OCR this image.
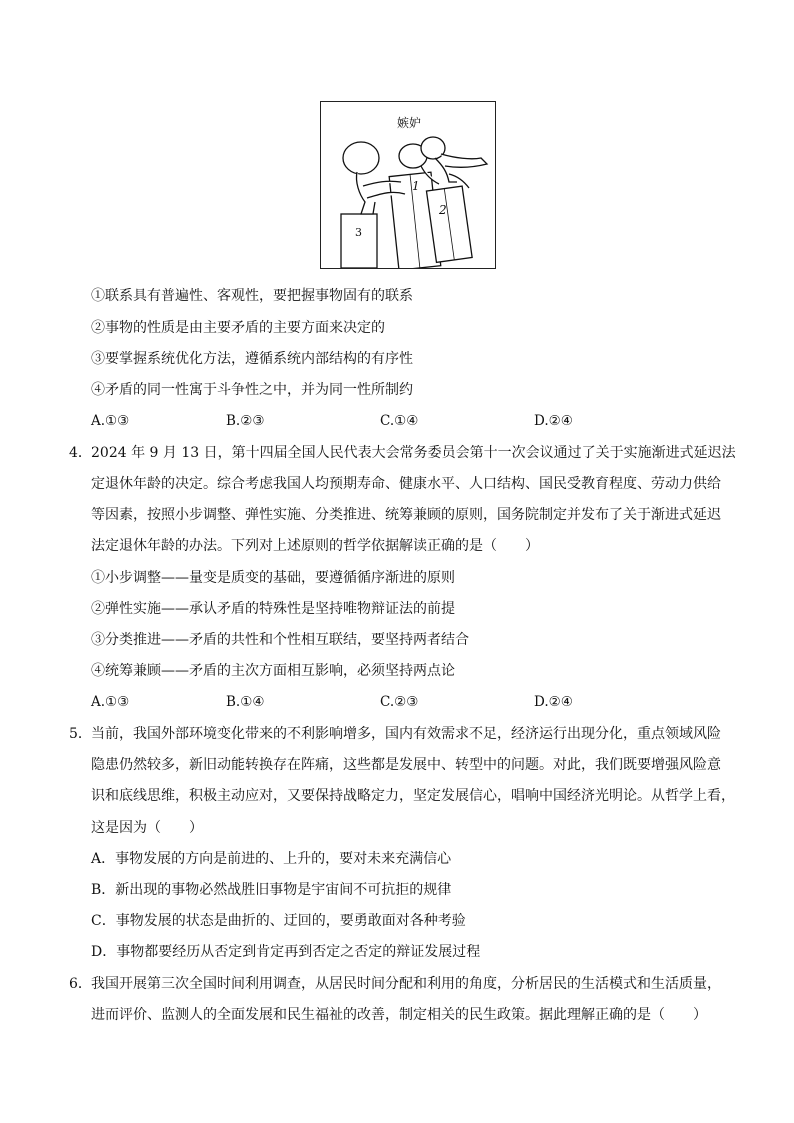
嫉妒
3
1
2
①联系具有普遍性、客观性，要把握事物固有的联系
②事物的性质是由主要矛盾的主要方面来决定的
③要掌握系统优化方法，遵循系统内部结构的有序性
④矛盾的同一性寓于斗争性之中，并为同一性所制约
A.①③	B.②③	C.①④	D.②④
4． 2024 年 9 月 13 日，第十四届全国人民代表大会常务委员会第十一次会议通过了关于实施渐进式延迟法
定退休年龄的决定。综合考虑我国人均预期寿命、健康水平、人口结构、国民受教育程度、劳动力供给
等因素，按照小步调整、弹性实施、分类推进、统筹兼顾的原则，国务院制定并发布了关于渐进式延迟
法定退休年龄的办法。下列对上述原则的哲学依据解读正确的是（　　）
①小步调整——量变是质变的基础，要遵循循序渐进的原则
②弹性实施——承认矛盾的特殊性是坚持唯物辩证法的前提
③分类推进——矛盾的共性和个性相互联结，要坚持两者结合
④统筹兼顾——矛盾的主次方面相互影响，必须坚持两点论
A.①③	B.①④	C.②③	D.②④
5． 当前，我国外部环境变化带来的不利影响增多，国内有效需求不足，经济运行出现分化，重点领域风险
隐患仍然较多，新旧动能转换存在阵痛，这些都是发展中、转型中的问题。对此，我们既要增强风险意
识和底线思维，积极主动应对，又要保持战略定力，坚定发展信心，唱响中国经济光明论。从哲学上看，
这是因为（　　）
A．事物发展的方向是前进的、上升的，要对未来充满信心
B．新出现的事物必然战胜旧事物是宇宙间不可抗拒的规律
C．事物发展的状态是曲折的、迂回的，要勇敢面对各种考验
D．事物都要经历从否定到肯定再到否定之否定的辩证发展过程
6． 我国开展第三次全国时间利用调查，从居民时间分配和利用的角度，分析居民的生活模式和生活质量，
进而评价、监测人的全面发展和民生福祉的改善，制定相关的民生政策。据此理解正确的是（　　）
